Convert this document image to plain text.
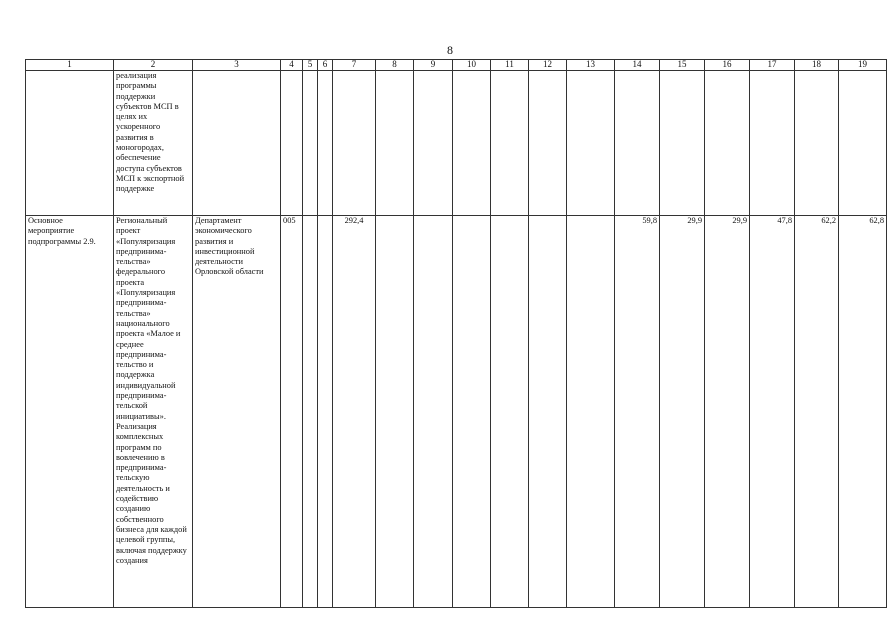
8
1	2	3	4	5	6	7	8	9	10	11	12	13	14	15	16	17	18	19
	реализация программы поддержки субъектов МСП в целях их ускоренного развития в моногородах, обеспечение доступа субъектов МСП к экспортной поддержке																	
Основное мероприятие подпрограммы 2.9.	Региональный проект «Популяризация предпринима-тельства» федерального проекта «Популяризация предпринима-тельства» национального проекта «Малое и среднее предпринима-тельство и поддержка индивидуальной предпринима-тельской инициативы». Реализация комплексных программ по вовлечению в предпринима-тельскую деятельность и содействию созданию собственного бизнеса для каждой целевой группы, включая поддержку создания	Департамент экономического развития и инвестиционной деятельности Орловской области	005			292,4							59,8	29,9	29,9	47,8	62,2	62,8
